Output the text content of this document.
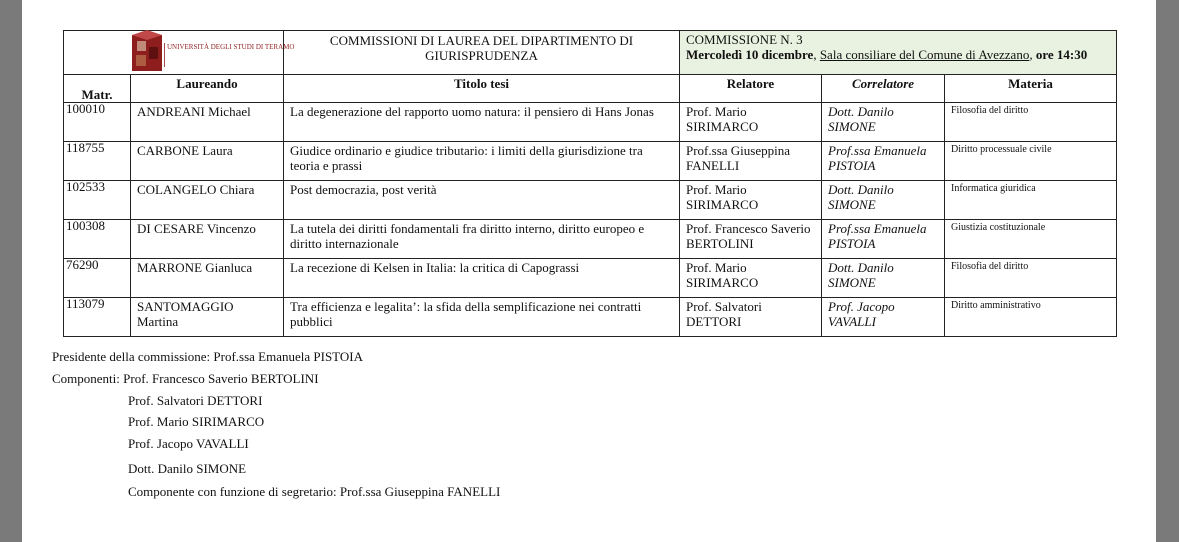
UNIVERSITÀ DEGLI STUDI DI TERAMO		COMMISSIONI DI LAUREA DEL DIPARTIMENTO DI GIURISPRUDENZA	COMMISSIONE N. 3
Mercoledì 10 dicembre, Sala consiliare del Comune di Avezzano, ore 14:30		

Matr.	Laureando	Titolo tesi	Relatore	Correlatore	Materia
100010	ANDREANI Michael	La degenerazione del rapporto uomo natura: il pensiero di Hans Jonas	Prof. Mario SIRIMARCO	Dott. Danilo SIMONE	Filosofia del diritto
118755	CARBONE Laura	Giudice ordinario e giudice tributario: i limiti della giurisdizione tra teoria e prassi	Prof.ssa Giuseppina FANELLI	Prof.ssa Emanuela PISTOIA	Diritto processuale civile
102533	COLANGELO Chiara	Post democrazia, post verità	Prof. Mario SIRIMARCO	Dott. Danilo SIMONE	Informatica giuridica
100308	DI CESARE Vincenzo	La tutela dei diritti fondamentali fra diritto interno, diritto europeo e diritto internazionale	Prof. Francesco Saverio BERTOLINI	Prof.ssa Emanuela PISTOIA	Giustizia costituzionale
76290	MARRONE Gianluca	La recezione di Kelsen in Italia: la critica di Capograssi	Prof. Mario SIRIMARCO	Dott. Danilo SIMONE	Filosofia del diritto
113079	SANTOMAGGIO Martina	Tra efficienza e legalita’: la sfida della semplificazione nei contratti pubblici	Prof. Salvatori DETTORI	Prof. Jacopo VAVALLI	Diritto amministrativo
Presidente della commissione: Prof.ssa Emanuela PISTOIA
Componenti: Prof. Francesco Saverio BERTOLINI
Prof. Salvatori DETTORI
Prof. Mario SIRIMARCO
Prof. Jacopo VAVALLI
Dott. Danilo SIMONE
Componente con funzione di segretario: Prof.ssa Giuseppina FANELLI
